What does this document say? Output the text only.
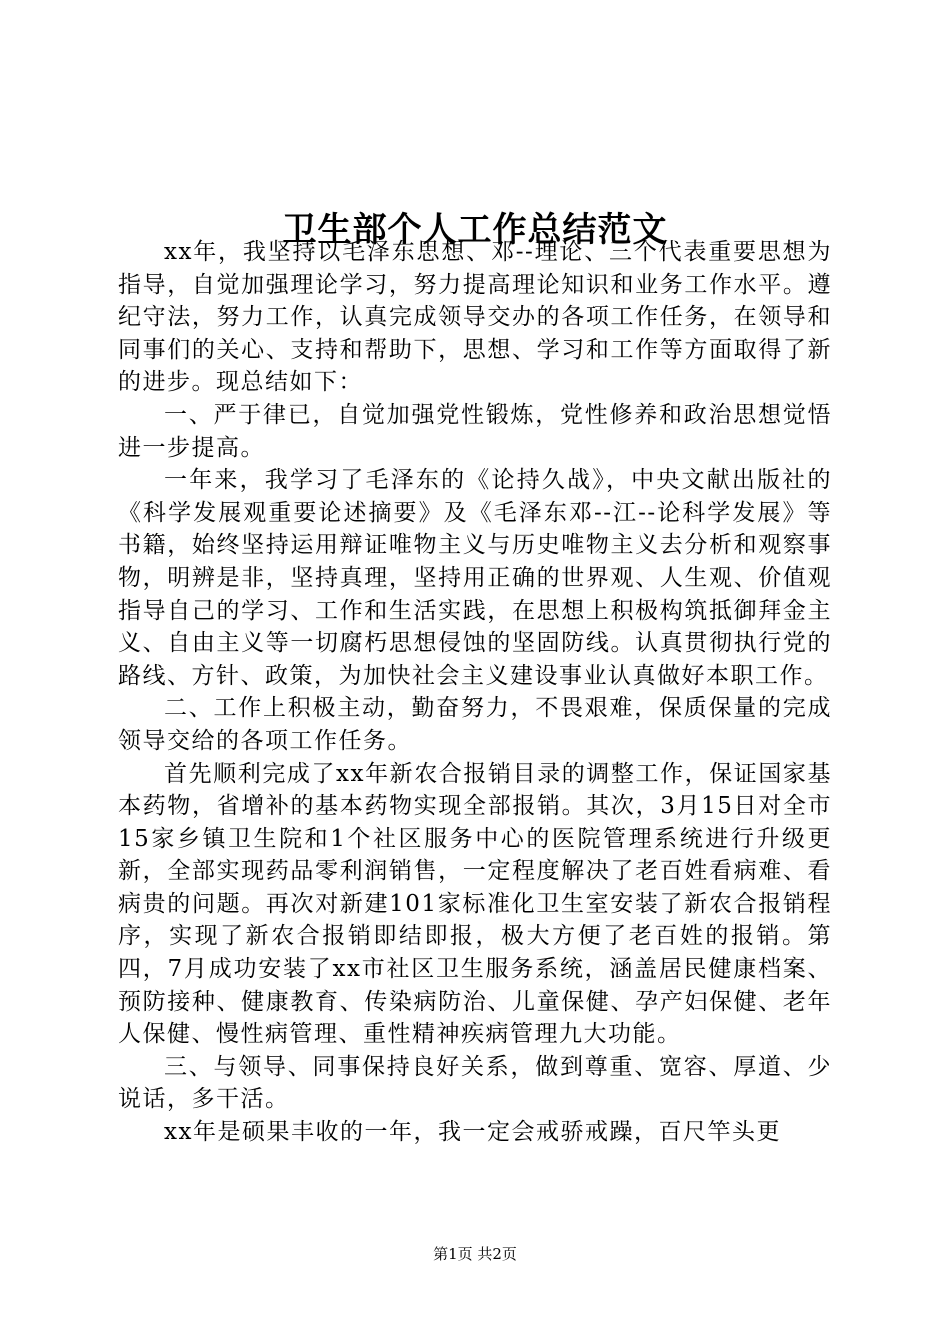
卫生部个人工作总结范文

xx年，我坚持以毛泽东思想、邓--理论、三个代表重要思想为指导，自觉加强理论学习，努力提高理论知识和业务工作水平。遵纪守法，努力工作，认真完成领导交办的各项工作任务，在领导和同事们的关心、支持和帮助下，思想、学习和工作等方面取得了新的进步。现总结如下：

一、严于律已，自觉加强党性锻炼，党性修养和政治思想觉悟进一步提高。

一年来，我学习了毛泽东的《论持久战》，中央文献出版社的《科学发展观重要论述摘要》及《毛泽东邓--江--论科学发展》等书籍，始终坚持运用辩证唯物主义与历史唯物主义去分析和观察事物，明辨是非，坚持真理，坚持用正确的世界观、人生观、价值观指导自己的学习、工作和生活实践，在思想上积极构筑抵御拜金主义、自由主义等一切腐朽思想侵蚀的坚固防线。认真贯彻执行党的路线、方针、政策，为加快社会主义建设事业认真做好本职工作。

二、工作上积极主动，勤奋努力，不畏艰难，保质保量的完成领导交给的各项工作任务。

首先顺利完成了xx年新农合报销目录的调整工作，保证国家基本药物，省增补的基本药物实现全部报销。其次，3月15日对全市15家乡镇卫生院和1个社区服务中心的医院管理系统进行升级更新，全部实现药品零利润销售，一定程度解决了老百姓看病难、看病贵的问题。再次对新建101家标准化卫生室安装了新农合报销程序，实现了新农合报销即结即报，极大方便了老百姓的报销。第四，7月成功安装了xx市社区卫生服务系统，涵盖居民健康档案、预防接种、健康教育、传染病防治、儿童保健、孕产妇保健、老年人保健、慢性病管理、重性精神疾病管理九大功能。

三、与领导、同事保持良好关系，做到尊重、宽容、厚道、少说话，多干活。

xx年是硕果丰收的一年，我一定会戒骄戒躁，百尺竿头更

第1页 共2页
